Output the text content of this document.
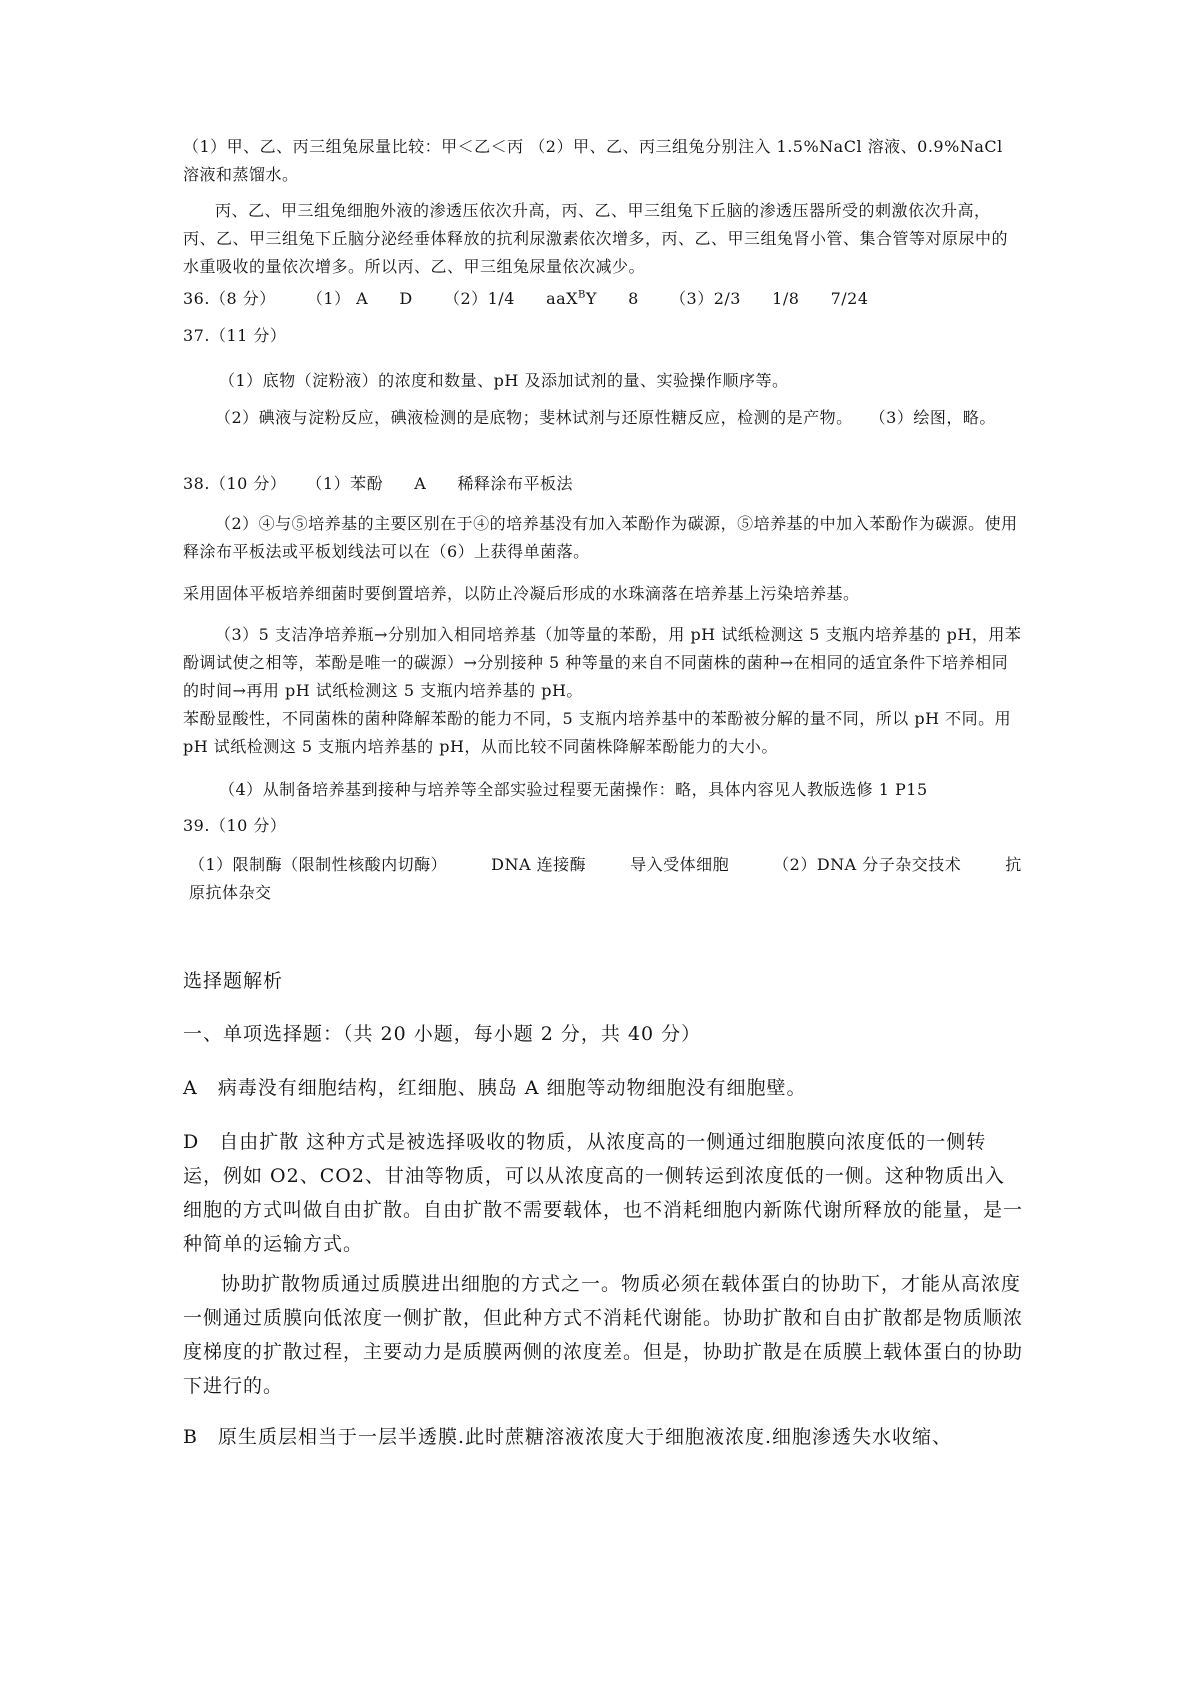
（1）甲、乙、丙三组兔尿量比较：甲＜乙＜丙 （2）甲、乙、丙三组兔分别注入 1.5%NaCl 溶液、0.9%NaCl 溶液和蒸馏水。

丙、乙、甲三组兔细胞外液的渗透压依次升高，丙、乙、甲三组兔下丘脑的渗透压器所受的刺激依次升高，丙、乙、甲三组兔下丘脑分泌经垂体释放的抗利尿激素依次增多，丙、乙、甲三组兔肾小管、集合管等对原尿中的水重吸收的量依次增多。所以丙、乙、甲三组兔尿量依次减少。

36.（8 分） （1） A D （2）1/4 aaX$^B$Y 8 （3）2/3 1/8 7/24

37.（11 分）

（1）底物（淀粉液）的浓度和数量、pH 及添加试剂的量、实验操作顺序等。

（2）碘液与淀粉反应，碘液检测的是底物；斐林试剂与还原性糖反应，检测的是产物。　　（3）绘图，略。

38.（10 分） （1）苯酚 A 稀释涂布平板法

（2）④与⑤培养基的主要区别在于④的培养基没有加入苯酚作为碳源，⑤培养基的中加入苯酚作为碳源。使用释涂布平板法或平板划线法可以在（6）上获得单菌落。

采用固体平板培养细菌时要倒置培养，以防止冷凝后形成的水珠滴落在培养基上污染培养基。

（3）5 支洁净培养瓶→分别加入相同培养基（加等量的苯酚，用 pH 试纸检测这 5 支瓶内培养基的 pH，用苯酚调试使之相等，苯酚是唯一的碳源）→分别接种 5 种等量的来自不同菌株的菌种→在相同的适宜条件下培养相同的时间→再用 pH 试纸检测这 5 支瓶内培养基的 pH。

苯酚显酸性，不同菌株的菌种降解苯酚的能力不同，5 支瓶内培养基中的苯酚被分解的量不同，所以 pH 不同。用 pH 试纸检测这 5 支瓶内培养基的 pH，从而比较不同菌株降解苯酚能力的大小。

（4）从制备培养基到接种与培养等全部实验过程要无菌操作：略，具体内容见人教版选修 1 P15

39.（10 分）

（1）限制酶（限制性核酸内切酶）	DNA 连接酶	导入受体细胞	（2）DNA 分子杂交技术	抗原抗体杂交

选择题解析

一、单项选择题：（共 20 小题，每小题 2 分，共 40 分）

A　病毒没有细胞结构，红细胞、胰岛 A 细胞等动物细胞没有细胞壁。

D　自由扩散 这种方式是被选择吸收的物质，从浓度高的一侧通过细胞膜向浓度低的一侧转运，例如 O2、CO2、甘油等物质，可以从浓度高的一侧转运到浓度低的一侧。这种物质出入细胞的方式叫做自由扩散。自由扩散不需要载体，也不消耗细胞内新陈代谢所释放的能量，是一种简单的运输方式。

协助扩散物质通过质膜进出细胞的方式之一。物质必须在载体蛋白的协助下，才能从高浓度一侧通过质膜向低浓度一侧扩散，但此种方式不消耗代谢能。协助扩散和自由扩散都是物质顺浓度梯度的扩散过程，主要动力是质膜两侧的浓度差。但是，协助扩散是在质膜上载体蛋白的协助下进行的。

B　原生质层相当于一层半透膜.此时蔗糖溶液浓度大于细胞液浓度.细胞渗透失水收缩、
